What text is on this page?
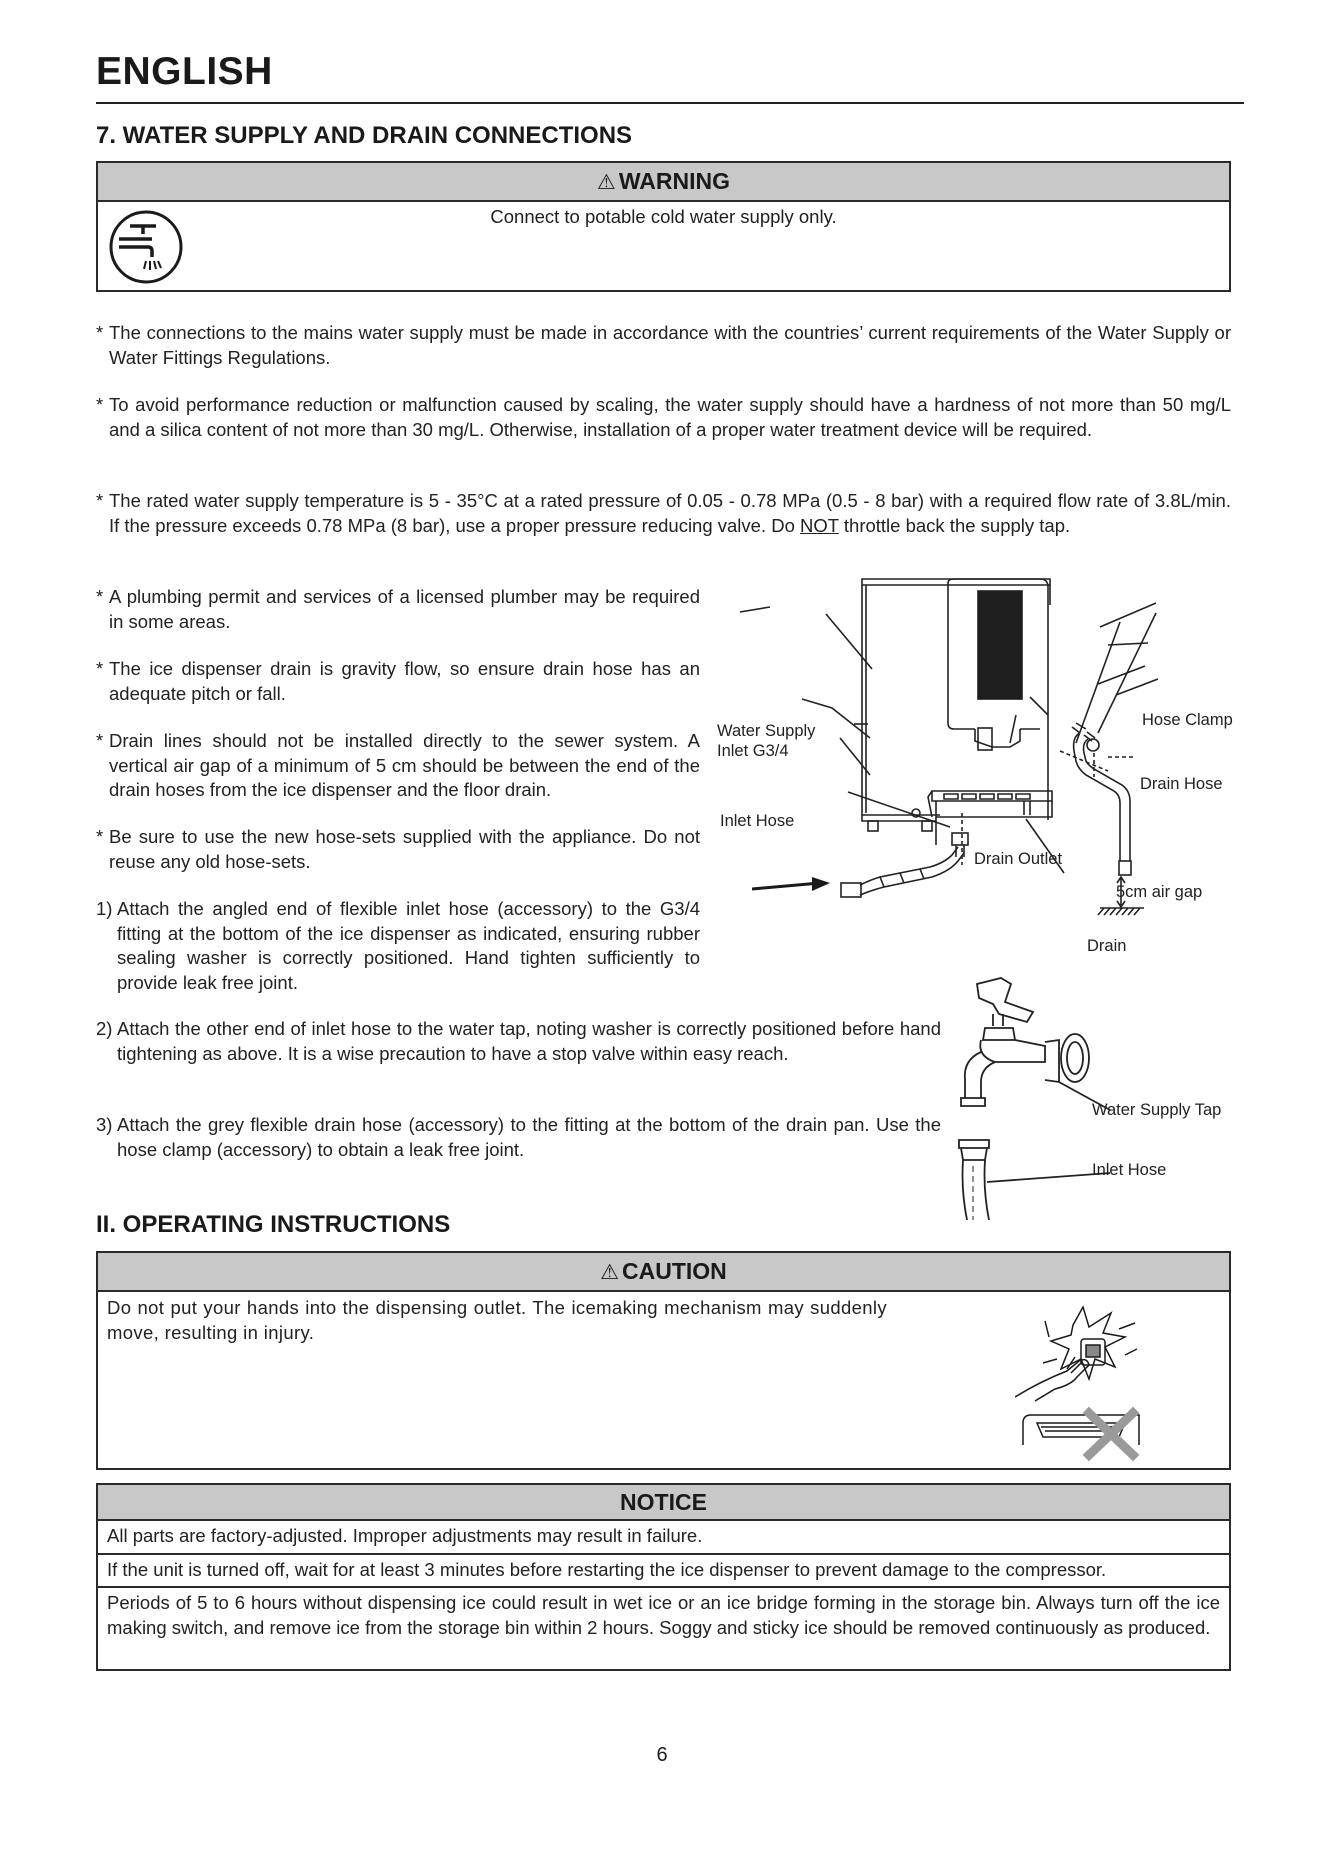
ENGLISH
7. WATER SUPPLY AND DRAIN CONNECTIONS
⚠ WARNING
Connect to potable cold water supply only.
* The connections to the mains water supply must be made in accordance with the countries’ current requirements of the Water Supply or Water Fittings Regulations.
* To avoid performance reduction or malfunction caused by scaling, the water supply should have a hardness of not more than 50 mg/L and a silica content of not more than 30 mg/L. Otherwise, installation of a proper water treatment device will be required.
* The rated water supply temperature is 5 - 35°C at a rated pressure of 0.05 - 0.78 MPa (0.5 - 8 bar) with a required flow rate of 3.8L/min. If the pressure exceeds 0.78 MPa (8 bar), use a proper pressure reducing valve. Do NOT throttle back the supply tap.
* A plumbing permit and services of a licensed plumber may be required in some areas.
* The ice dispenser drain is gravity flow, so ensure drain hose has an adequate pitch or fall.
* Drain lines should not be installed directly to the sewer system. A vertical air gap of a minimum of 5 cm should be between the end of the drain hoses from the ice dispenser and the floor drain.
* Be sure to use the new hose-sets supplied with the appliance. Do not reuse any old hose-sets.
1) Attach the angled end of flexible inlet hose (accessory) to the G3/4 fitting at the bottom of the ice dispenser as indicated, ensuring rubber sealing washer is correctly positioned. Hand tighten sufficiently to provide leak free joint.
2) Attach the other end of inlet hose to the water tap, noting washer is correctly positioned before hand tightening as above. It is a wise precaution to have a stop valve within easy reach.
3) Attach the grey flexible drain hose (accessory) to the fitting at the bottom of the drain pan. Use the hose clamp (accessory) to obtain a leak free joint.
Water Supply
Inlet G3/4
Inlet Hose
Drain Outlet
Hose Clamp
Drain Hose
5cm air gap
Drain
Water Supply Tap
Inlet Hose
II. OPERATING INSTRUCTIONS
⚠ CAUTION
Do not put your hands into the dispensing outlet. The icemaking mechanism may suddenly move, resulting in injury.
NOTICE
All parts are factory-adjusted. Improper adjustments may result in failure.
If the unit is turned off, wait for at least 3 minutes before restarting the ice dispenser to prevent damage to the compressor.
Periods of 5 to 6 hours without dispensing ice could result in wet ice or an ice bridge forming in the storage bin. Always turn off the ice making switch, and remove ice from the storage bin within 2 hours. Soggy and sticky ice should be removed continuously as produced.
6
